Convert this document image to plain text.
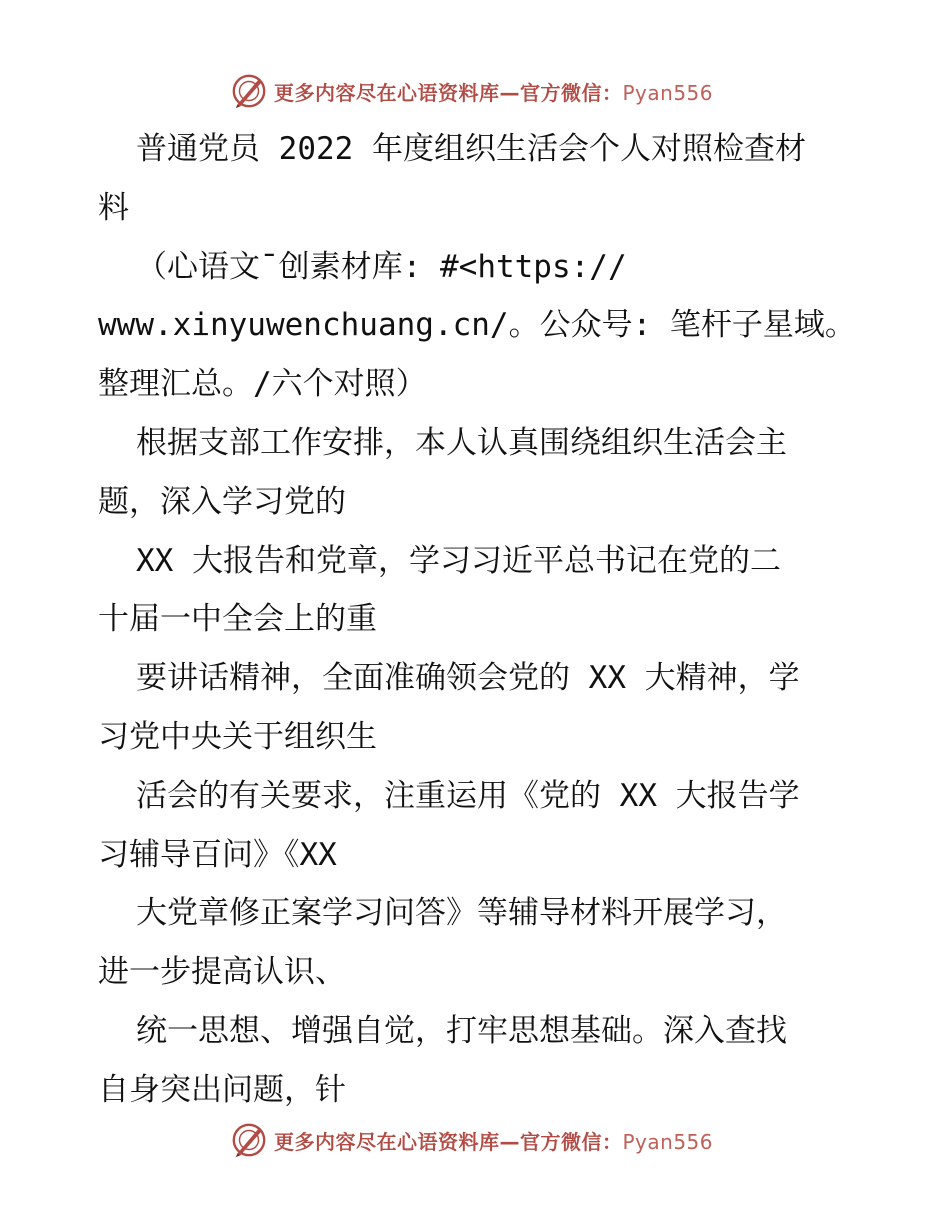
更多内容尽在心语资料库—官方微信：Pyan556
普通党员 2022 年度组织生活会个人对照检查材
料
（心语文¯创素材库: #<https://
www.xinyuwenchuang.cn/。公众号: 笔杆子星域。
整理汇总。/六个对照）
根据支部工作安排，本人认真围绕组织生活会主
题，深入学习党的
XX 大报告和党章，学习习近平总书记在党的二
十届一中全会上的重
要讲话精神，全面准确领会党的 XX 大精神，学
习党中央关于组织生
活会的有关要求，注重运用《党的 XX 大报告学
习辅导百问》《XX
大党章修正案学习问答》等辅导材料开展学习，
进一步提高认识、
统一思想、增强自觉，打牢思想基础。深入查找
自身突出问题，针
更多内容尽在心语资料库—官方微信：Pyan556
